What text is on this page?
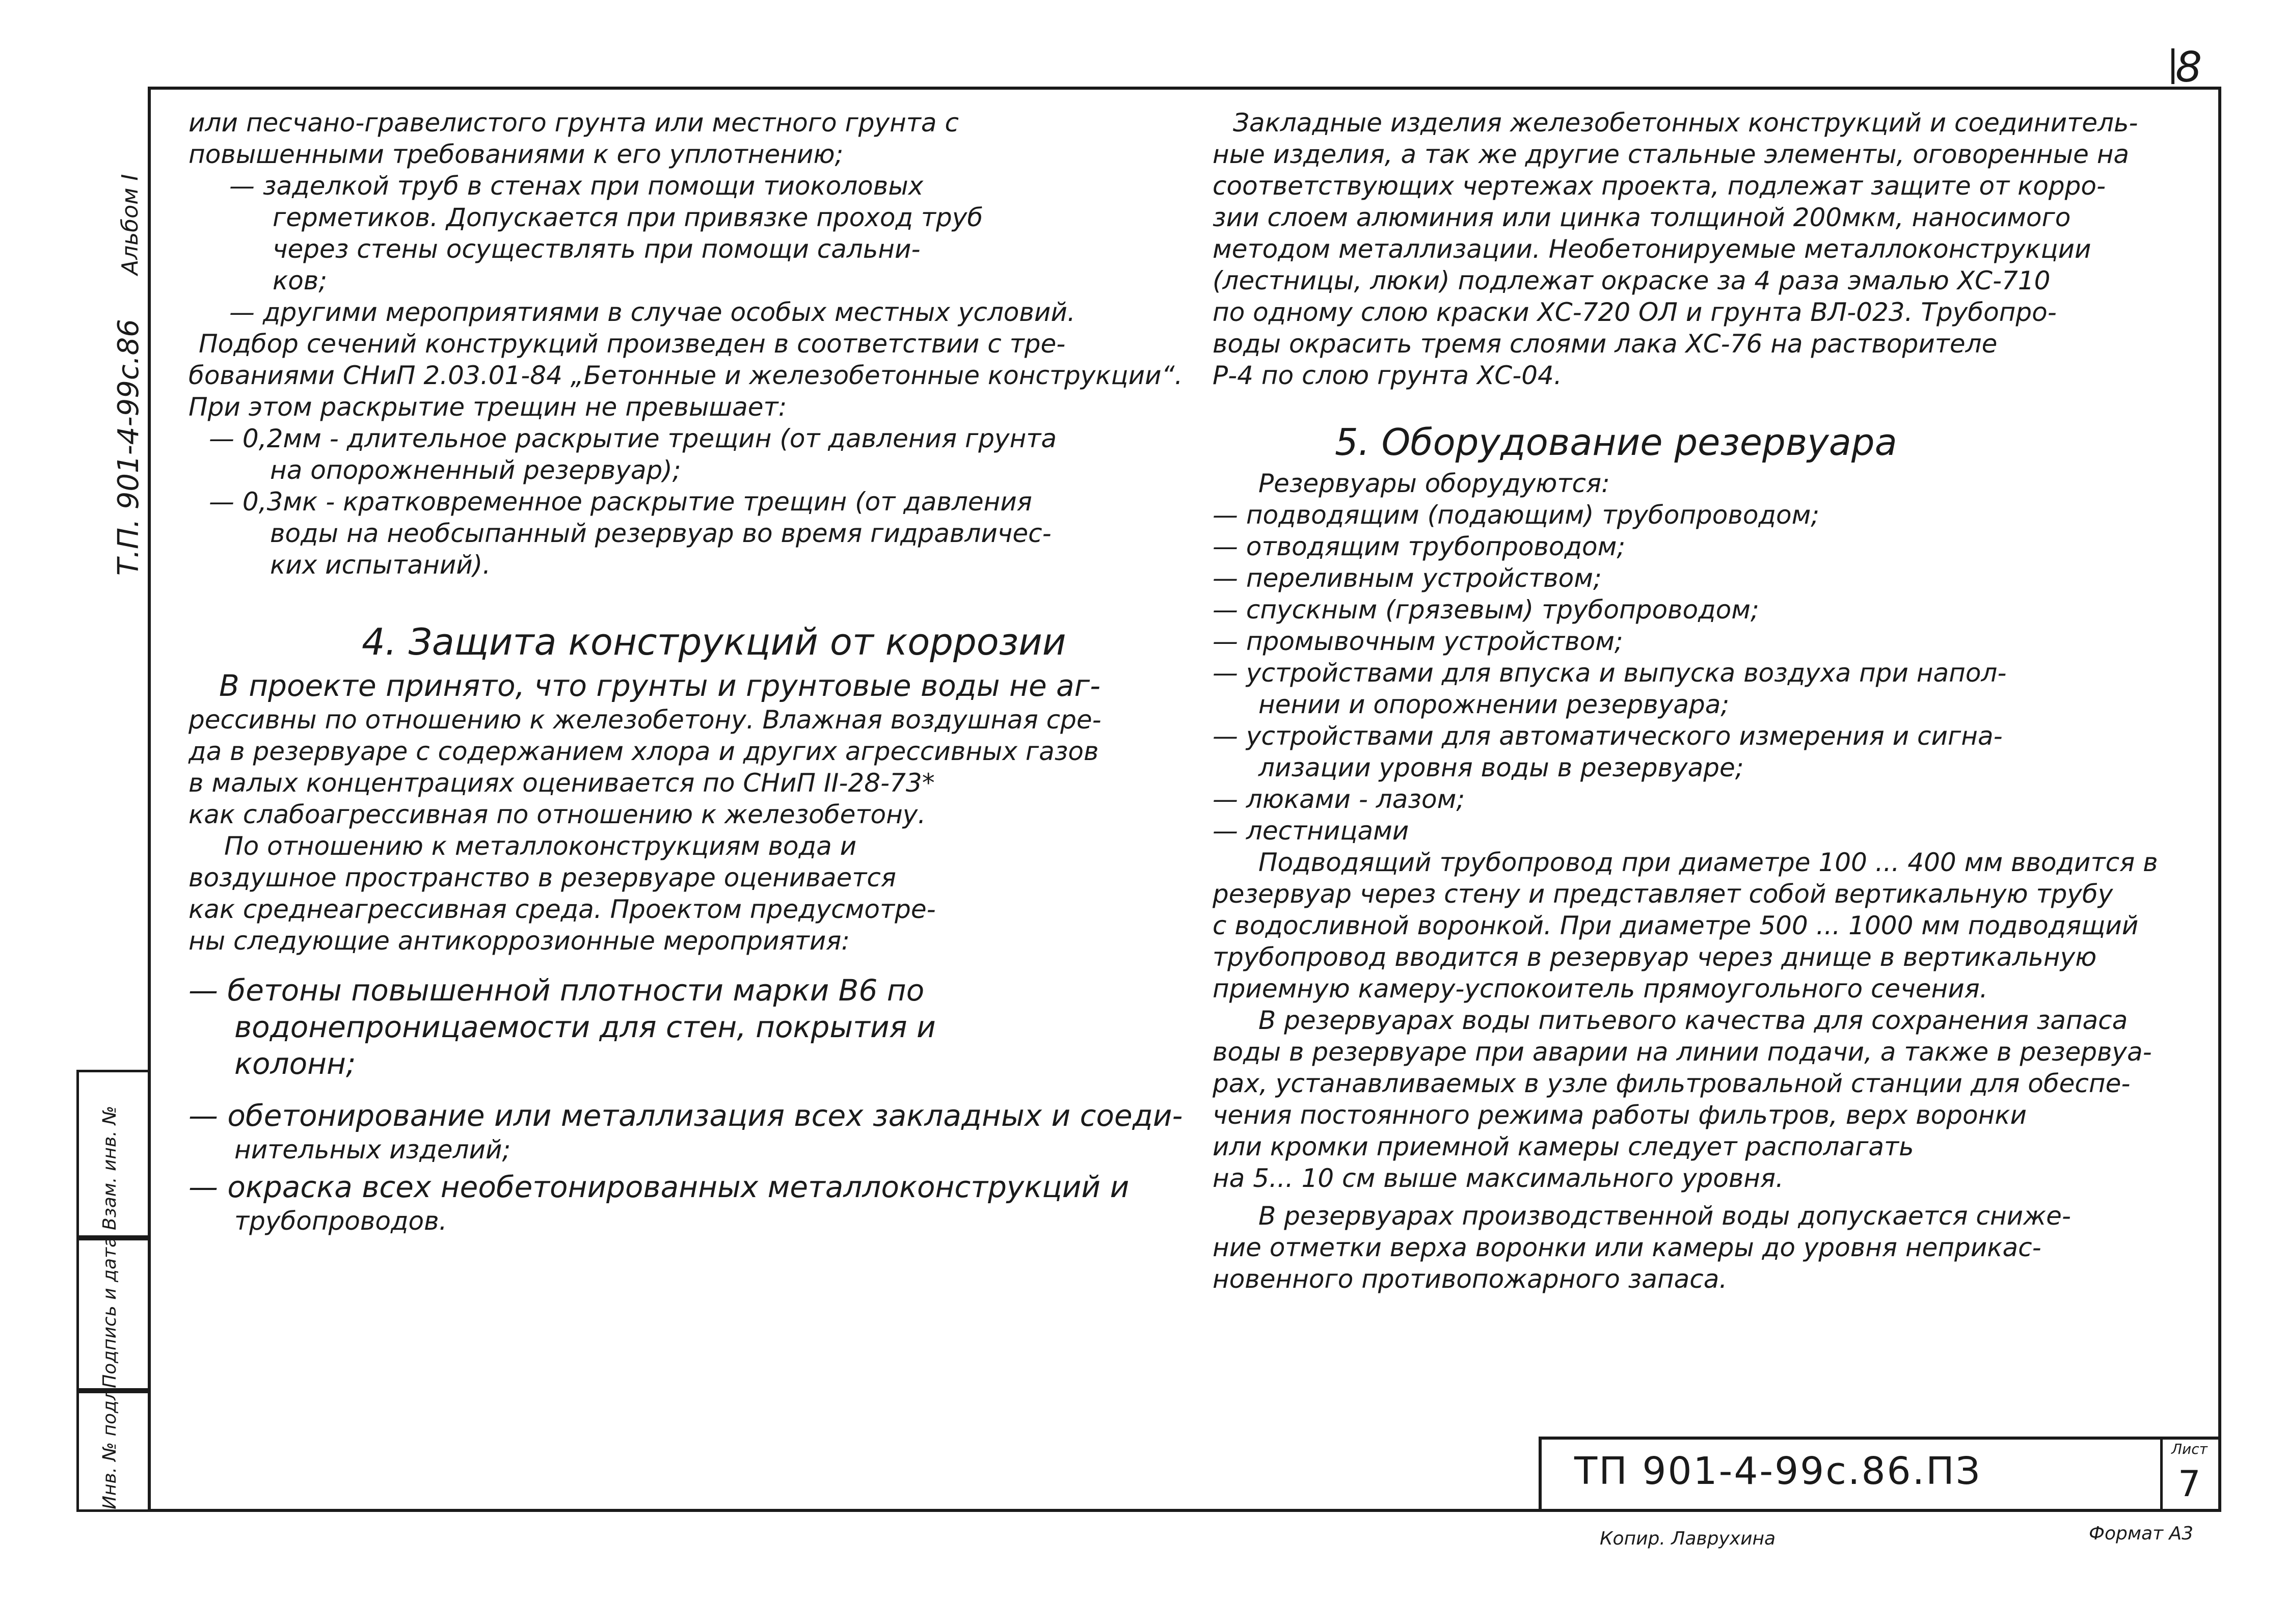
8
Альбом I
Т.П. 901-4-99с.86
Взам. инв. №
Подпись и дата
Инв. № подл.

или песчано-гравелистого грунта или местного грунта с

повышенными требованиями к его уплотнению;

— заделкой труб в стенах при помощи тиоколовых

герметиков. Допускается при привязке проход труб

через стены осуществлять при помощи сальни-

ков;

— другими мероприятиями в случае особых местных условий.

Подбор сечений конструкций произведен в соответствии с тре-

бованиями СНиП 2.03.01-84 „Бетонные и железобетонные конструкции“.

При этом раскрытие трещин не превышает:

— 0,2мм - длительное раскрытие трещин (от давления грунта

на опорожненный резервуар);

— 0,3мк - кратковременное раскрытие трещин (от давления

воды на необсыпанный резервуар во время гидравличес-

ких испытаний).

4. Защита конструкций от коррозии

В проекте принято, что грунты и грунтовые воды не аг-

рессивны по отношению к железобетону. Влажная воздушная сре-

да в резервуаре с содержанием хлора и других агрессивных газов

в малых концентрациях оценивается по СНиП II-28-73*

как слабоагрессивная по отношению к железобетону.

По отношению к металлоконструкциям вода и

воздушное пространство в резервуаре оценивается

как среднеагрессивная среда. Проектом предусмотре-

ны следующие антикоррозионные мероприятия:

— бетоны повышенной плотности марки В6 по

водонепроницаемости для стен, покрытия и

колонн;

— обетонирование или металлизация всех закладных и соеди-

нительных изделий;

— окраска всех необетонированных металлоконструкций и

трубопроводов.

Закладные изделия железобетонных конструкций и соединитель-

ные изделия, а так же другие стальные элементы, оговоренные на

соответствующих чертежах проекта, подлежат защите от корро-

зии слоем алюминия или цинка толщиной 200мкм, наносимого

методом металлизации. Необетонируемые металлоконструкции

(лестницы, люки) подлежат окраске за 4 раза эмалью ХС-710

по одному слою краски ХС-720 ОЛ и грунта ВЛ-023. Трубопро-

воды окрасить тремя слоями лака ХС-76 на растворителе

Р-4 по слою грунта ХС-04.

5. Оборудование резервуара

Резервуары оборудуются:

— подводящим (подающим) трубопроводом;

— отводящим трубопроводом;

— переливным устройством;

— спускным (грязевым) трубопроводом;

— промывочным устройством;

— устройствами для впуска и выпуска воздуха при напол-

нении и опорожнении резервуара;

— устройствами для автоматического измерения и сигна-

лизации уровня воды в резервуаре;

— люками - лазом;

— лестницами

Подводящий трубопровод при диаметре 100 ... 400 мм вводится в

резервуар через стену и представляет собой вертикальную трубу

с водосливной воронкой. При диаметре 500 ... 1000 мм подводящий

трубопровод вводится в резервуар через днище в вертикальную

приемную камеру-успокоитель прямоугольного сечения.

В резервуарах воды питьевого качества для сохранения запаса

воды в резервуаре при аварии на линии подачи, а также в резервуа-

рах, устанавливаемых в узле фильтровальной станции для обеспе-

чения постоянного режима работы фильтров, верх воронки

или кромки приемной камеры следует располагать

на 5... 10 см выше максимального уровня.

В резервуарах производственной воды допускается сниже-

ние отметки верха воронки или камеры до уровня неприкас-

новенного противопожарного запаса.

ТП 901-4-99с.86.ПЗ
Лист
7
Копир. Лаврухина	Формат А3
